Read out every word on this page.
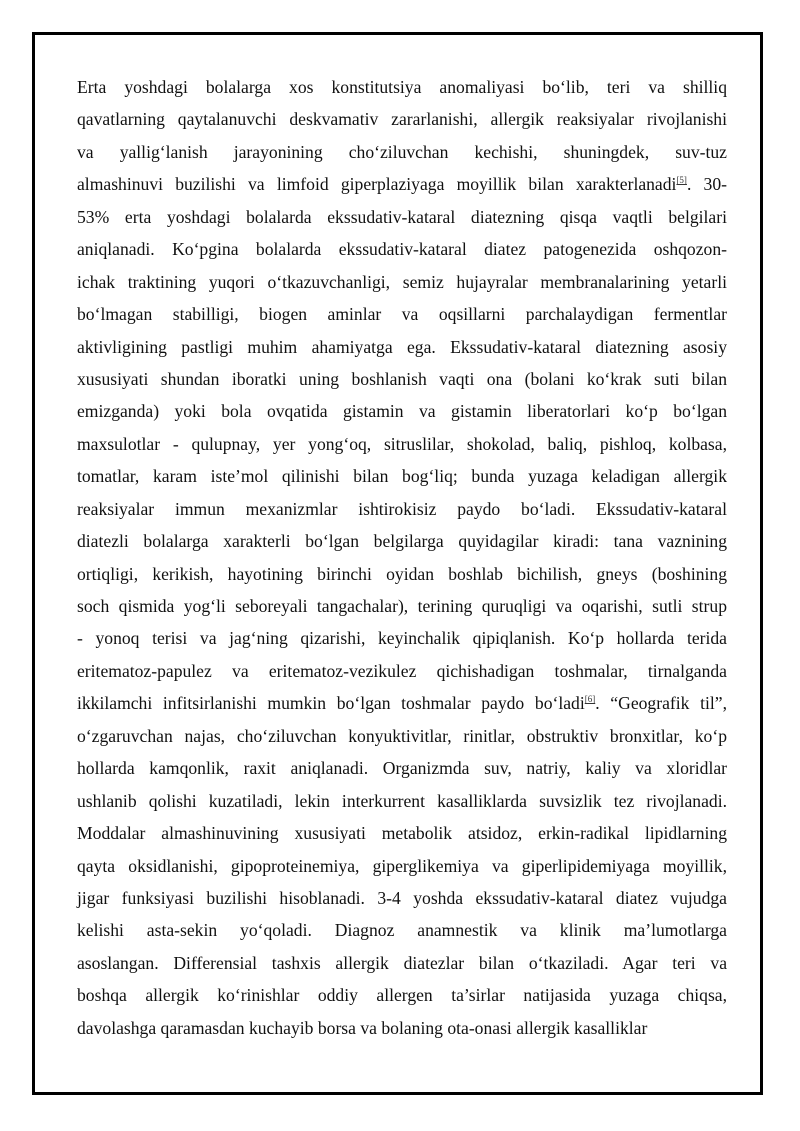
Erta yoshdagi bolalarga xos konstitutsiya anomaliyasi bo‘lib, teri va shilliq
qavatlarning qaytalanuvchi deskvamativ zararlanishi, allergik reaksiyalar rivojlanishi
va yallig‘lanish jarayonining cho‘ziluvchan kechishi, shuningdek, suv-tuz
almashinuvi buzilishi va limfoid giperplaziyaga moyillik bilan xarakterlanadi[5]. 30-
53% erta yoshdagi bolalarda ekssudativ-kataral diatezning qisqa vaqtli belgilari
aniqlanadi. Ko‘pgina bolalarda ekssudativ-kataral diatez patogenezida oshqozon-
ichak traktining yuqori o‘tkazuvchanligi, semiz hujayralar membranalarining yetarli
bo‘lmagan stabilligi, biogen aminlar va oqsillarni parchalaydigan fermentlar
aktivligining pastligi muhim ahamiyatga ega. Ekssudativ-kataral diatezning asosiy
xususiyati shundan iboratki uning boshlanish vaqti ona (bolani ko‘krak suti bilan
emizganda) yoki bola ovqatida gistamin va gistamin liberatorlari ko‘p bo‘lgan
maxsulotlar - qulupnay, yer yong‘oq, sitruslilar, shokolad, baliq, pishloq, kolbasa,
tomatlar, karam iste’mol qilinishi bilan bog‘liq; bunda yuzaga keladigan allergik
reaksiyalar immun mexanizmlar ishtirokisiz paydo bo‘ladi. Ekssudativ-kataral
diatezli bolalarga xarakterli bo‘lgan belgilarga quyidagilar kiradi: tana vaznining
ortiqligi, kerikish, hayotining birinchi oyidan boshlab bichilish, gneys (boshining
soch qismida yog‘li seboreyali tangachalar), terining quruqligi va oqarishi, sutli strup
- yonoq terisi va jag‘ning qizarishi, keyinchalik qipiqlanish. Ko‘p hollarda terida
eritematoz-papulez va eritematoz-vezikulez qichishadigan toshmalar, tirnalganda
ikkilamchi infitsirlanishi mumkin bo‘lgan toshmalar paydo bo‘ladi[6]. “Geografik til”,
o‘zgaruvchan najas, cho‘ziluvchan konyuktivitlar, rinitlar, obstruktiv bronxitlar, ko‘p
hollarda kamqonlik, raxit aniqlanadi. Organizmda suv, natriy, kaliy va xloridlar
ushlanib qolishi kuzatiladi, lekin interkurrent kasalliklarda suvsizlik tez rivojlanadi.
Moddalar almashinuvining xususiyati metabolik atsidoz, erkin-radikal lipidlarning
qayta oksidlanishi, gipoproteinemiya, giperglikemiya va giperlipidemiyaga moyillik,
jigar funksiyasi buzilishi hisoblanadi. 3-4 yoshda ekssudativ-kataral diatez vujudga
kelishi asta-sekin yo‘qoladi. Diagnoz anamnestik va klinik ma’lumotlarga
asoslangan. Differensial tashxis allergik diatezlar bilan o‘tkaziladi. Agar teri va
boshqa allergik ko‘rinishlar oddiy allergen ta’sirlar natijasida yuzaga chiqsa,
davolashga qaramasdan kuchayib borsa va bolaning ota-onasi allergik kasalliklar
